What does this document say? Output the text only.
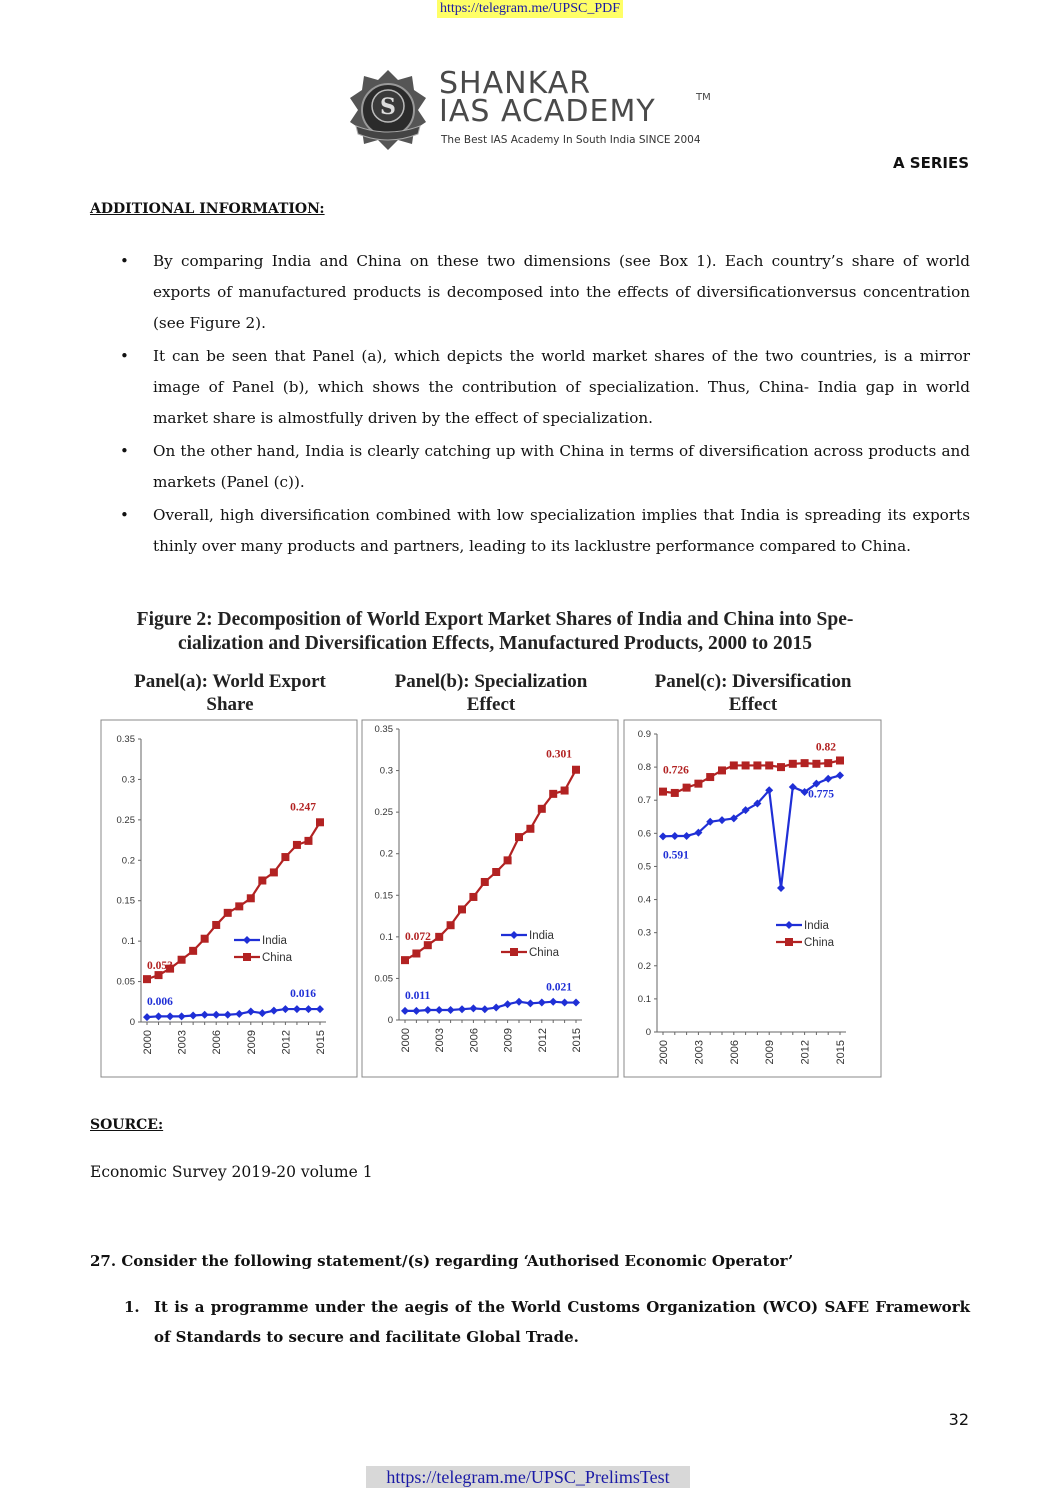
https://telegram.me/UPSC_PDF
S
SHANKAR
IAS ACADEMY	TM
The Best IAS Academy In South India SINCE 2004
A SERIES
ADDITIONAL INFORMATION:
• By comparing India and China on these two dimensions (see Box 1). Each country’s share of world exports of manufactured products is decomposed into the effects of diversificationversus concentration (see Figure 2).
• It can be seen that Panel (a), which depicts the world market shares of the two countries, is a mirror image of Panel (b), which shows the contribution of specialization. Thus, China- India gap in world market share is almostfully driven by the effect of specialization.
• On the other hand, India is clearly catching up with China in terms of diversification across products and markets (Panel (c)).
• Overall, high diversification combined with low specialization implies that India is spreading its exports thinly over many products and partners, leading to its lacklustre performance compared to China.
Figure 2: Decomposition of World Export Market Shares of India and China into Spe-
cialization and Diversification Effects, Manufactured Products, 2000 to 2015
Panel(a): World Export
Share
Panel(b): Specialization
Effect
Panel(c): Diversification
Effect
0
0.05
0.1
0.15
0.2
0.25
0.3
0.35
2000 2003 2006 2009 2012 2015
0.053
0.247
0.006
0.016
India
China
0
0.05
0.1
0.15
0.2
0.25
0.3
0.35
2000 2003 2006 2009 2012 2015
0.072
0.301
0.011
0.021
India
China
0
0.1
0.2
0.3
0.4
0.5
0.6
0.7
0.8
0.9
2000 2003 2006 2009 2012 2015
0.726
0.82
0.591
0.775
India
China
SOURCE:
Economic Survey 2019-20 volume 1
27. Consider the following statement/(s) regarding ‘Authorised Economic Operator’
1. It is a programme under the aegis of the World Customs Organization (WCO) SAFE Framework of Standards to secure and facilitate Global Trade.
32
https://telegram.me/UPSC_PrelimsTest
